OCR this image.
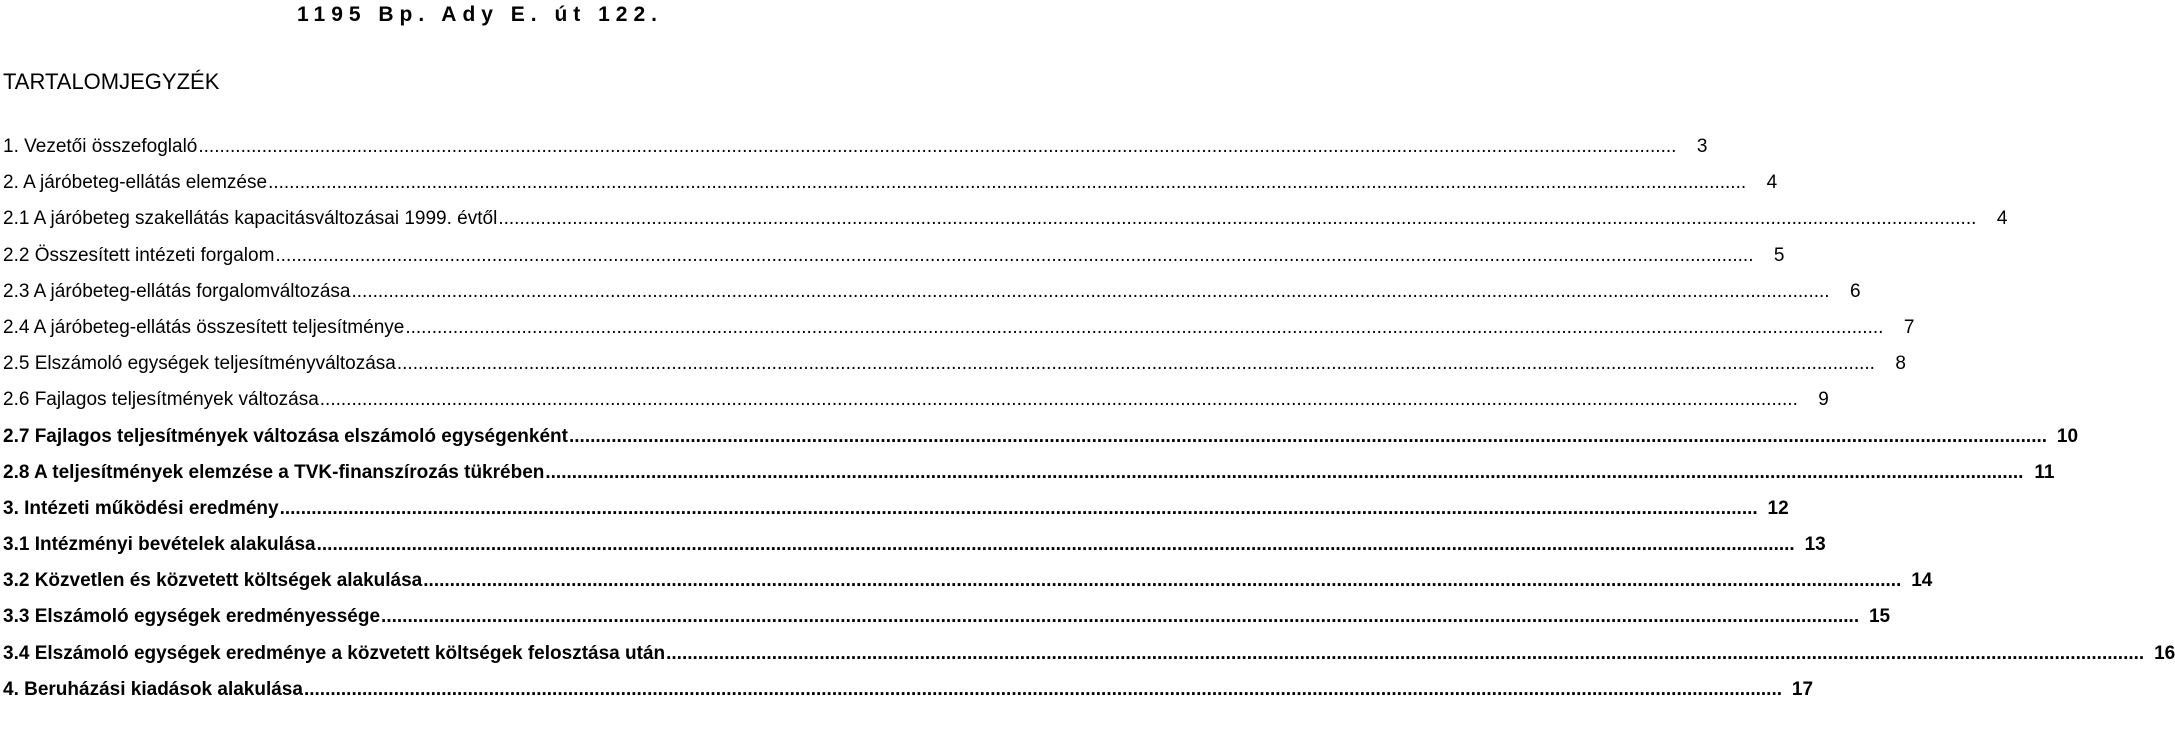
1195 Bp. Ady E. út 122.
TARTALOMJEGYZÉK
1. Vezetői összefoglaló .....	3
2. A járóbeteg-ellátás elemzése .....	4
2.1 A járóbeteg szakellátás kapacitásváltozásai 1999. évtől .....	4
2.2 Összesített intézeti forgalom .....	5
2.3 A járóbeteg-ellátás forgalomváltozása .....	6
2.4 A járóbeteg-ellátás összesített teljesítménye .....	7
2.5 Elszámoló egységek teljesítményváltozása .....	8
2.6 Fajlagos teljesítmények változása .....	9
2.7 Fajlagos teljesítmények változása elszámoló egységenként .....	10
2.8 A teljesítmények elemzése a TVK-finanszírozás tükrében .....	11
3. Intézeti működési eredmény .....	12
3.1 Intézményi bevételek alakulása .....	13
3.2 Közvetlen és közvetett költségek alakulása .....	14
3.3 Elszámoló egységek eredményessége .....	15
3.4 Elszámoló egységek eredménye a közvetett költségek felosztása után .....	16
4. Beruházási kiadások alakulása .....	17
